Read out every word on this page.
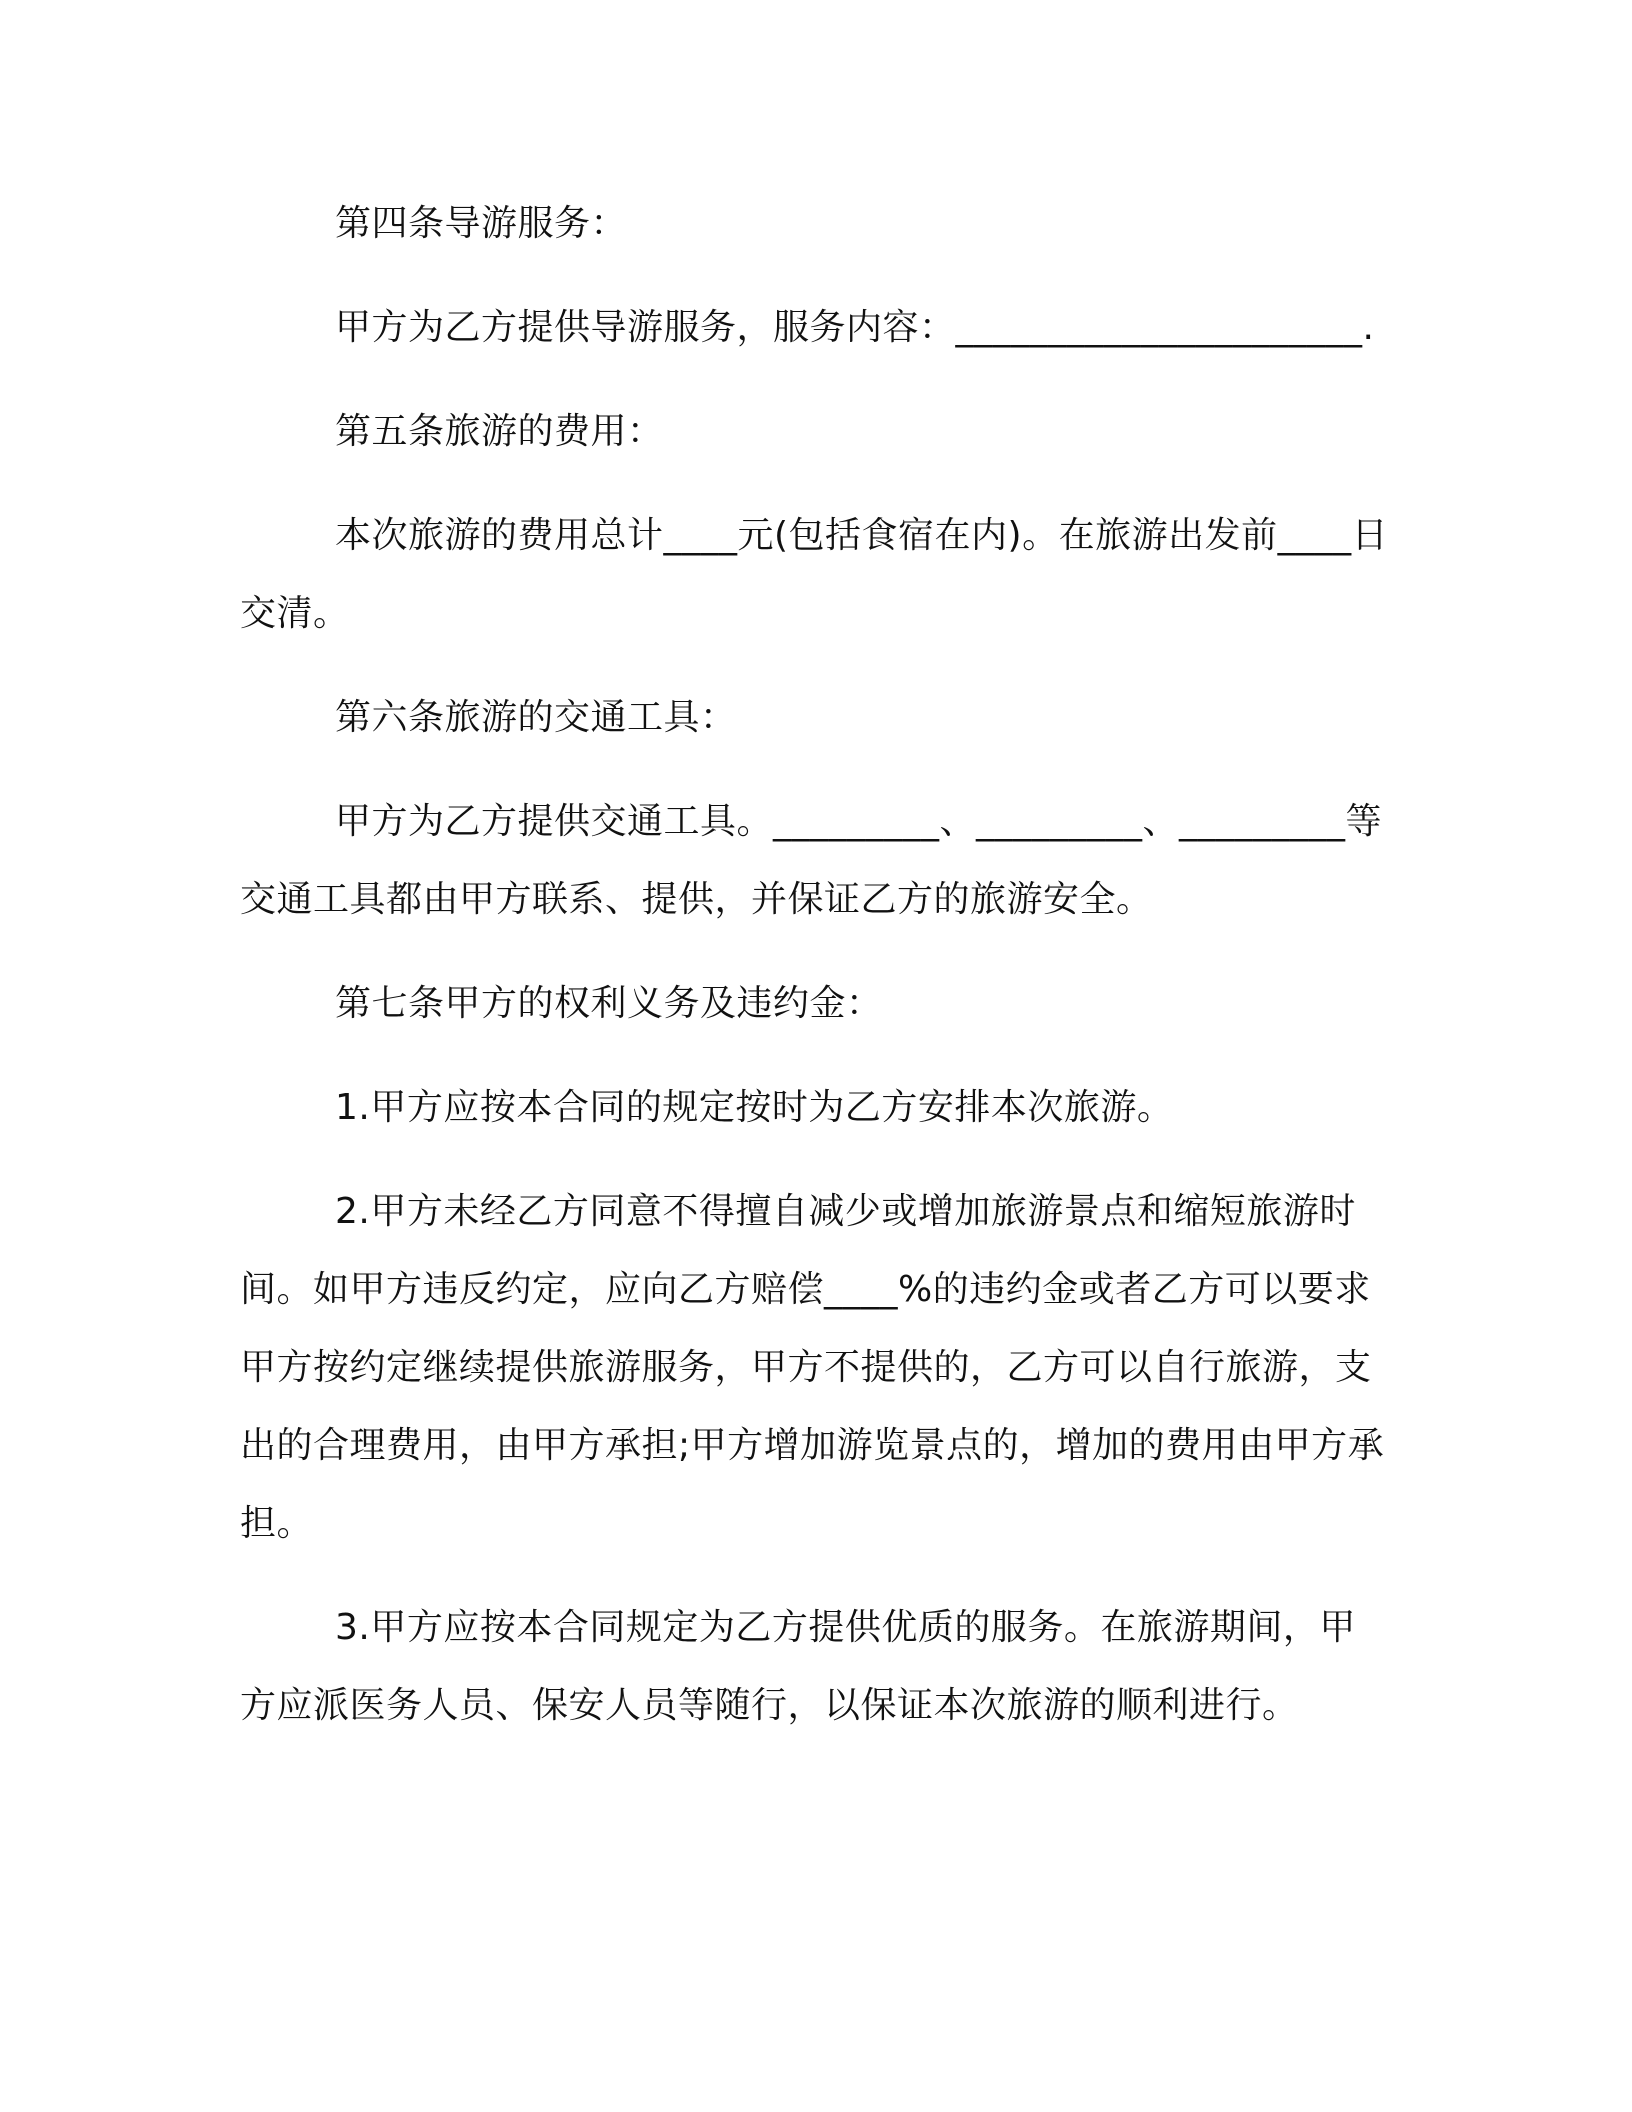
第四条导游服务：

甲方为乙方提供导游服务，服务内容：______________________.

第五条旅游的费用：

本次旅游的费用总计____元(包括食宿在内)。在旅游出发前____日交清。

第六条旅游的交通工具：

甲方为乙方提供交通工具。_________、_________、_________等交通工具都由甲方联系、提供，并保证乙方的旅游安全。

第七条甲方的权利义务及违约金：

1.甲方应按本合同的规定按时为乙方安排本次旅游。

2.甲方未经乙方同意不得擅自减少或增加旅游景点和缩短旅游时间。如甲方违反约定，应向乙方赔偿____%的违约金或者乙方可以要求甲方按约定继续提供旅游服务，甲方不提供的，乙方可以自行旅游，支出的合理费用，由甲方承担;甲方增加游览景点的，增加的费用由甲方承担。

3.甲方应按本合同规定为乙方提供优质的服务。在旅游期间，甲方应派医务人员、保安人员等随行，以保证本次旅游的顺利进行。
